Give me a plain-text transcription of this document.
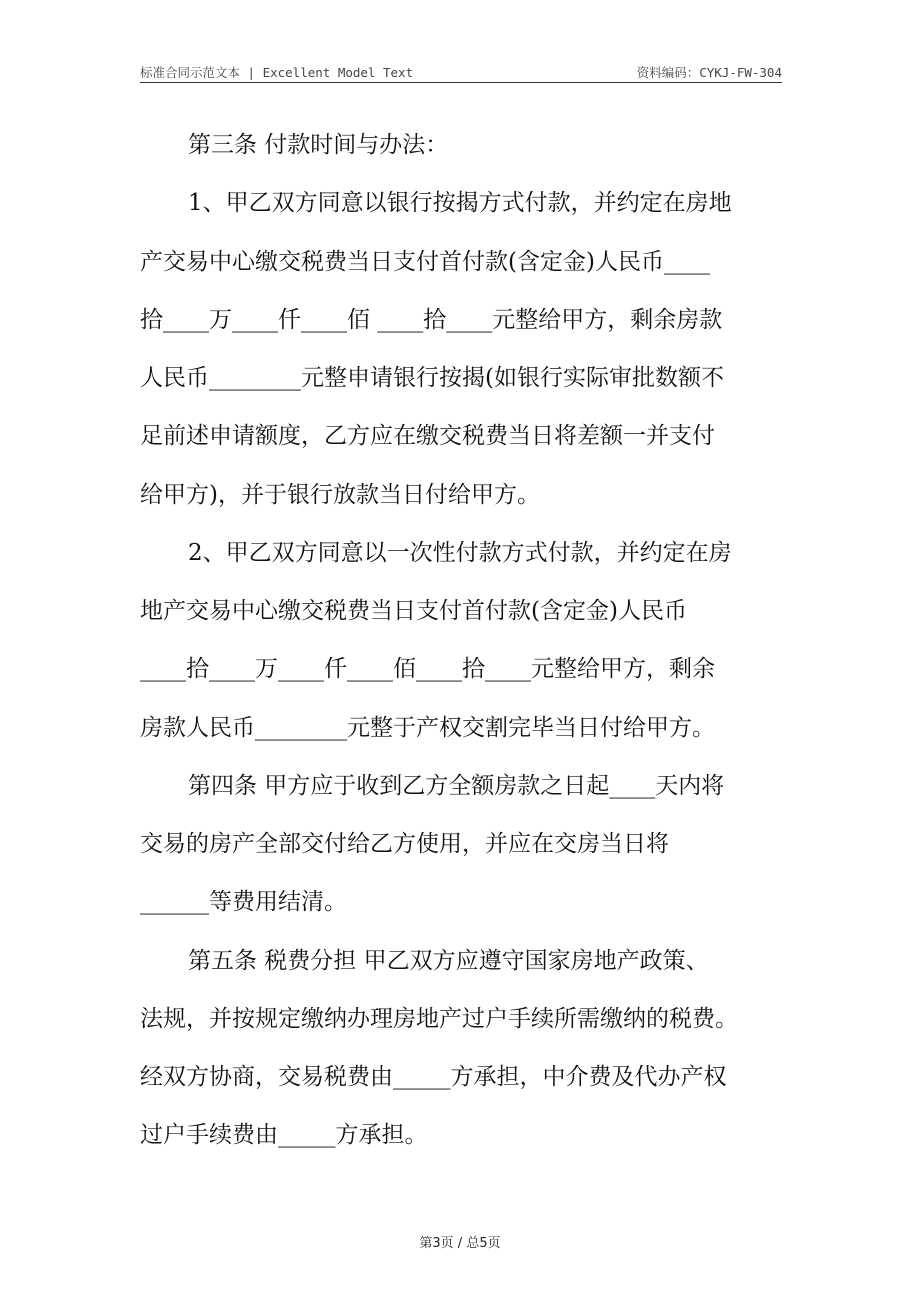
标准合同示范文本 | Excellent Model Text	资料编码：CYKJ-FW-304
第三条 付款时间与办法：
1、甲乙双方同意以银行按揭方式付款，并约定在房地
产交易中心缴交税费当日支付首付款(含定金)人民币____
拾____万____仟____佰 ____拾____元整给甲方，剩余房款
人民币________元整申请银行按揭(如银行实际审批数额不
足前述申请额度，乙方应在缴交税费当日将差额一并支付
给甲方)，并于银行放款当日付给甲方。
2、甲乙双方同意以一次性付款方式付款，并约定在房
地产交易中心缴交税费当日支付首付款(含定金)人民币
____拾____万____仟____佰____拾____元整给甲方，剩余
房款人民币________元整于产权交割完毕当日付给甲方。
第四条 甲方应于收到乙方全额房款之日起____天内将
交易的房产全部交付给乙方使用，并应在交房当日将
______等费用结清。
第五条 税费分担 甲乙双方应遵守国家房地产政策、
法规，并按规定缴纳办理房地产过户手续所需缴纳的税费。
经双方协商，交易税费由_____方承担，中介费及代办产权
过户手续费由_____方承担。
第3页 / 总5页
